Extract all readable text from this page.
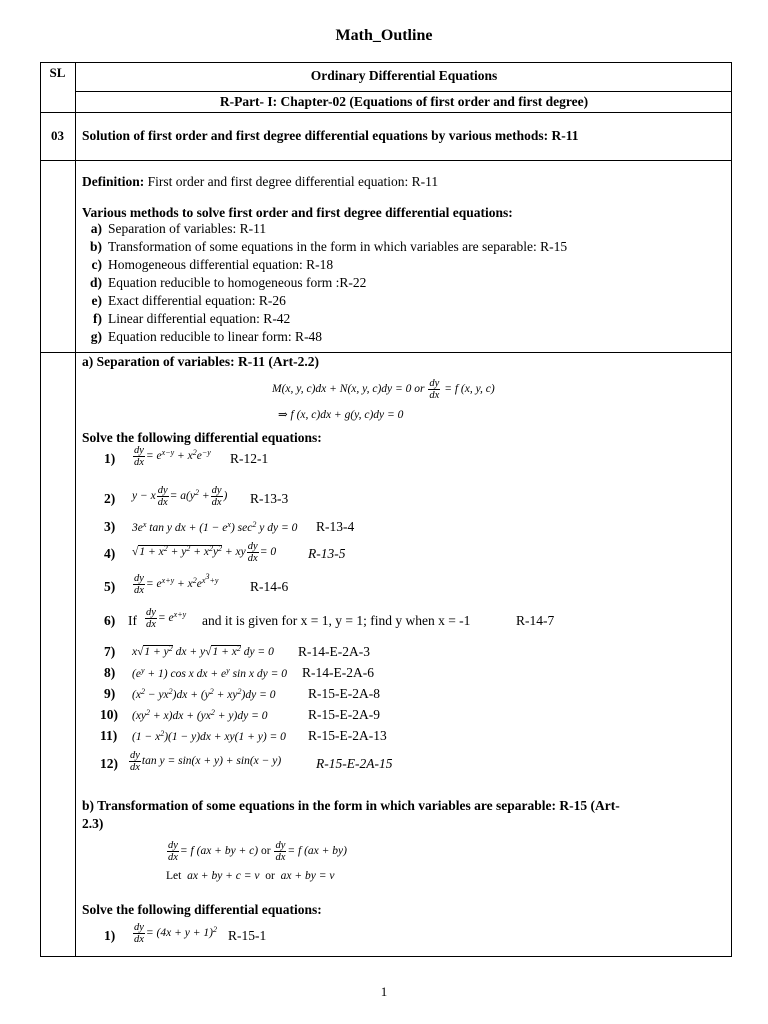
Math_Outline
SL	Ordinary Differential Equations
R-Part- I: Chapter-02 (Equations of first order and first degree)
03	Solution of first order and first degree differential equations by various methods: R-11
Definition: First order and first degree differential equation: R-11
Various methods to solve first order and first degree differential equations:
a) Separation of variables: R-11
b) Transformation of some equations in the form in which variables are separable: R-15
c) Homogeneous differential equation: R-18
d) Equation reducible to homogeneous form :R-22
e) Exact differential equation: R-26
f) Linear differential equation: R-42
g) Equation reducible to linear form: R-48
a) Separation of variables: R-11 (Art-2.2)
M(x, y, c)dx + N(x, y, c)dy = 0 or $\frac{dy}{dx} = f$ (x, y, c)
⇒ f (x, c)dx + g(y, c)dy = 0
Solve the following differential equations:
$1) \frac{dy}{dx} = e^{x-y} + x^2e^{-y}$ R-12-1
2) y − x $\frac{dy}{dx} = a(y^2 + \frac{dy}{dx}$ ) R-13-3
3) $3e^x$ tan y dx + $(1 - e^x)$ $\sec^2 y$ dy = 0 R-13-4
4) $√1 + x^2 + y^2 + x^2y^2$ + xy $\frac{dy}{dx} = 0$ R-13-5
$5) \frac{dy}{dx} = e^{x+y} + x^2e^{x^3+y}$ R-14-6
6) If $\frac{dy}{dx} = e^{x+y}$ and it is given for x = 1, y = 1; find y when x = -1	R-14-7
7) $x√1 + y^2$ dx + $y√1 + x^2$ dy = 0 R-14-E-2A-3
8) $(e^y + 1)$ cos x dx + $e^y$ sin x dy = 0 R-14-E-2A-6
9) $(x^2 - yx^2)dx + (y^2 + xy^2)dy = 0$ R-15-E-2A-8
10) $(xy^2 + x)dx + (yx^2 + y)dy = 0$	R-15-E-2A-9
11) $(1 - x^2)(1 - y)dx + xy(1 + y) = 0$ R-15-E-2A-13
$12) \frac{dy}{dx}$ tan y = sin(x + y) + sin(x − y)	R-15-E-2A-15
b) Transformation of some equations in the form in which variables are separable: R-15 (Art-
2.3)
$\frac{dy}{dx} = f$ (ax + by + c) or $\frac{dy}{dx} = f$ (ax + by)
Let ax + by + c = v or ax + by = v
Solve the following differential equations:
$1) \frac{dy}{dx} = (4x + y + 1)^2$ R-15-1
1
